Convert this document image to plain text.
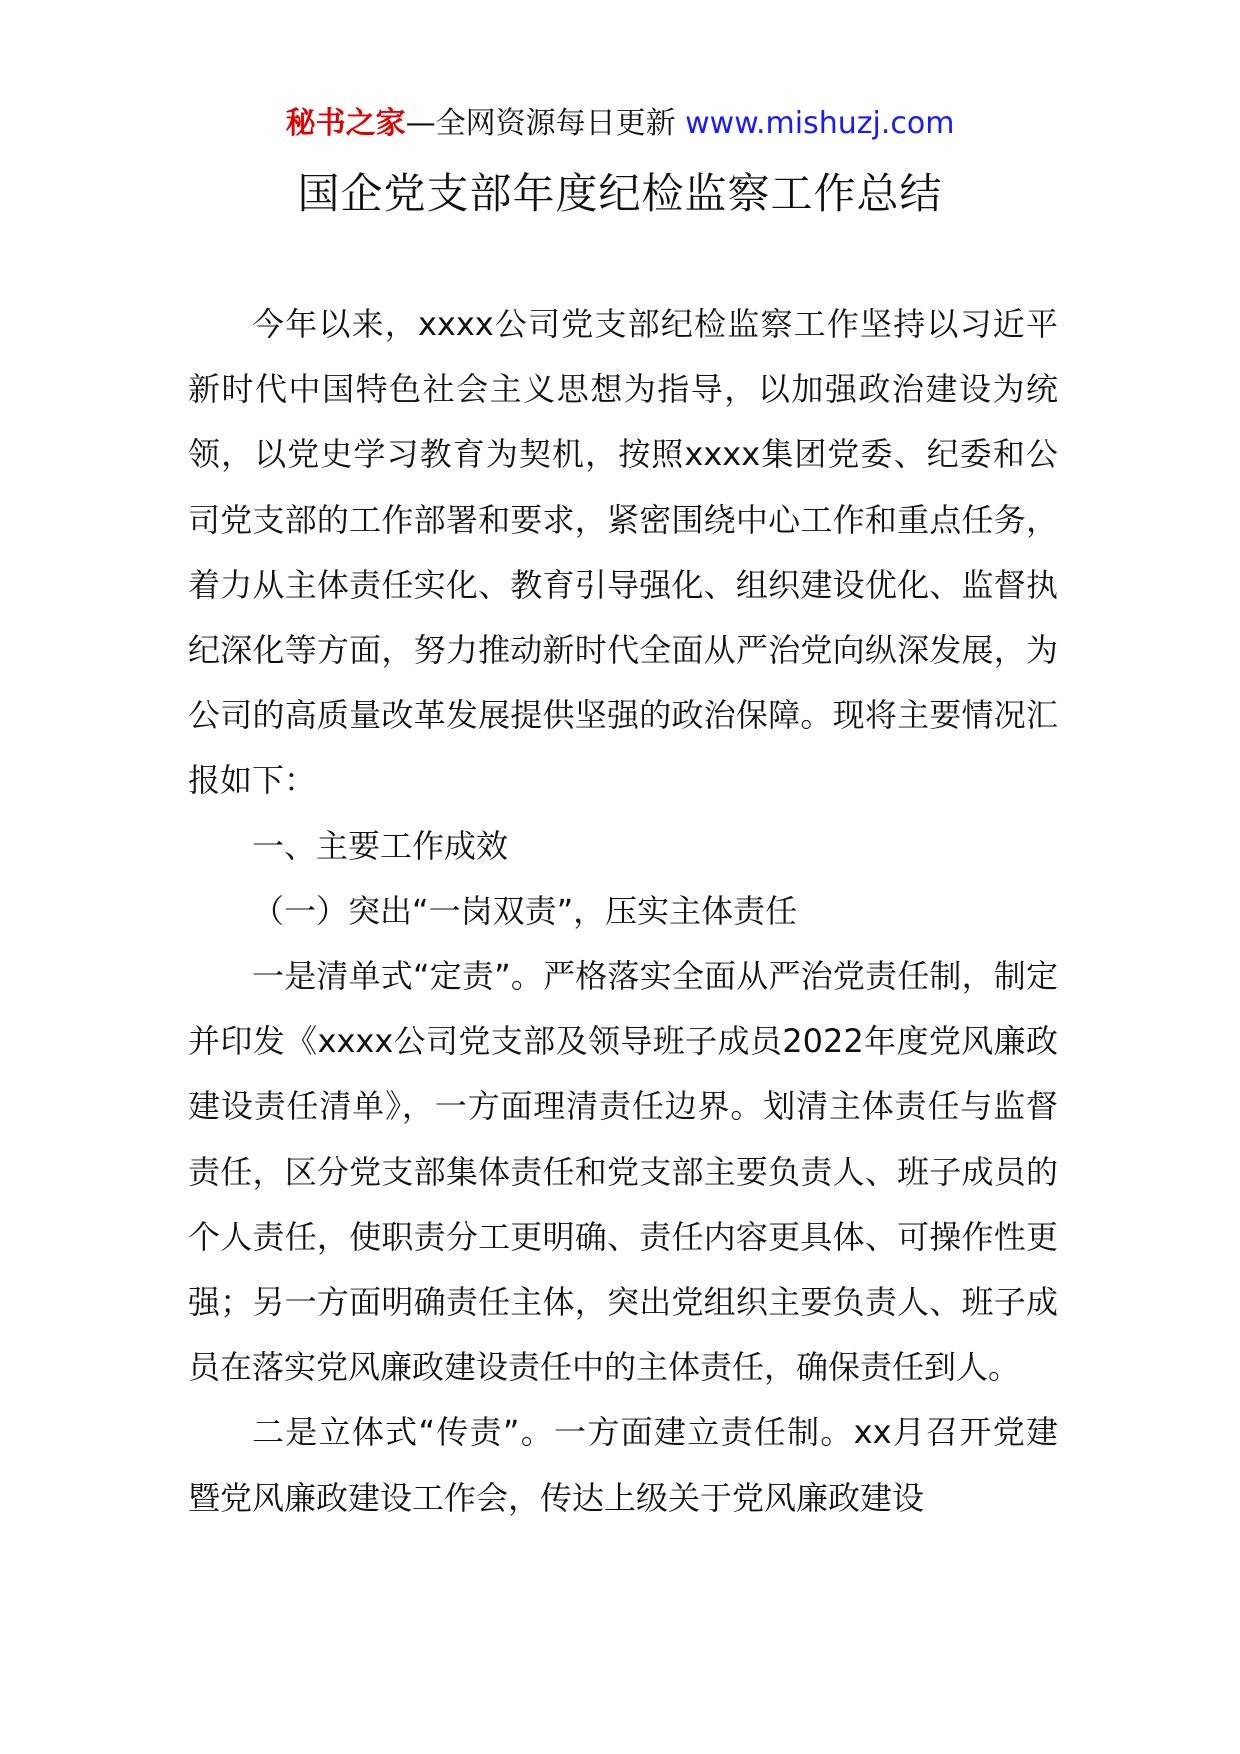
秘书之家—全网资源每日更新 www.mishuzj.com
国企党支部年度纪检监察工作总结

今年以来，xxxx公司党支部纪检监察工作坚持以习近平新时代中国特色社会主义思想为指导，以加强政治建设为统领，以党史学习教育为契机，按照xxxx集团党委、纪委和公司党支部的工作部署和要求，紧密围绕中心工作和重点任务，着力从主体责任实化、教育引导强化、组织建设优化、监督执纪深化等方面，努力推动新时代全面从严治党向纵深发展，为公司的高质量改革发展提供坚强的政治保障。现将主要情况汇报如下：

一、主要工作成效

（一）突出“一岗双责”，压实主体责任

一是清单式“定责”。严格落实全面从严治党责任制，制定并印发《xxxx公司党支部及领导班子成员2022年度党风廉政建设责任清单》，一方面理清责任边界。划清主体责任与监督责任，区分党支部集体责任和党支部主要负责人、班子成员的个人责任，使职责分工更明确、责任内容更具体、可操作性更强；另一方面明确责任主体，突出党组织主要负责人、班子成员在落实党风廉政建设责任中的主体责任，确保责任到人。

二是立体式“传责”。一方面建立责任制。xx月召开党建暨党风廉政建设工作会，传达上级关于党风廉政建设
